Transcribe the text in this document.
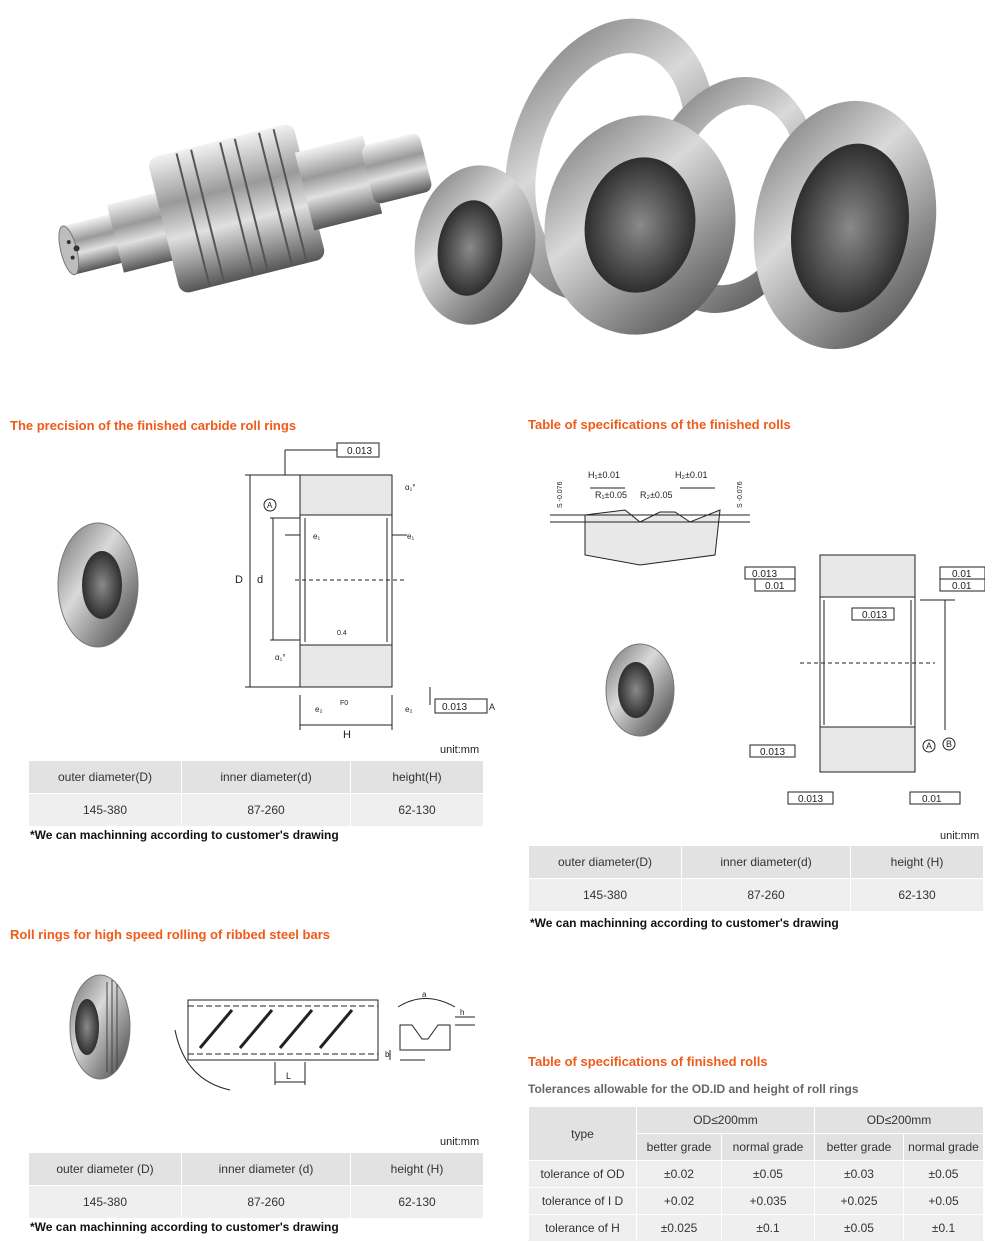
The precision of the finished carbide roll rings
0.013
0.013
D d
H
e₁	e₁
e₂	e₂
α₁°
α₁°
0.4
F0
A
A
unit:mm
outer diameter(D)	inner diameter(d)	height(H)
145-380	87-260	62-130
*We can machinning according to customer's drawing
Table of specifications of the finished rolls
H₁±0.01	H₂±0.01
R₁±0.05 R₂±0.05
S -0.076	S -0.076
0.013
0.01
0.01
0.01
0.013
0.013
0.013	0.01
A B
unit:mm
outer diameter(D)	inner diameter(d)	height (H)
145-380	87-260	62-130
*We can machinning according to customer's drawing
Roll rings for high speed rolling of ribbed steel bars
L
a
h
b
unit:mm
outer diameter (D)	inner diameter (d)	height (H)
145-380	87-260	62-130
*We can machinning according to customer's drawing
Table of specifications of finished rolls
Tolerances allowable for the OD.ID and height of roll rings
type	OD≤200mm		OD≤200mm	
	better grade	normal grade	better grade	normal grade
tolerance of OD	±0.02	±0.05	±0.03	±0.05
tolerance of I D	+0.02	+0.035	+0.025	+0.05
tolerance of H	±0.025	±0.1	±0.05	±0.1
